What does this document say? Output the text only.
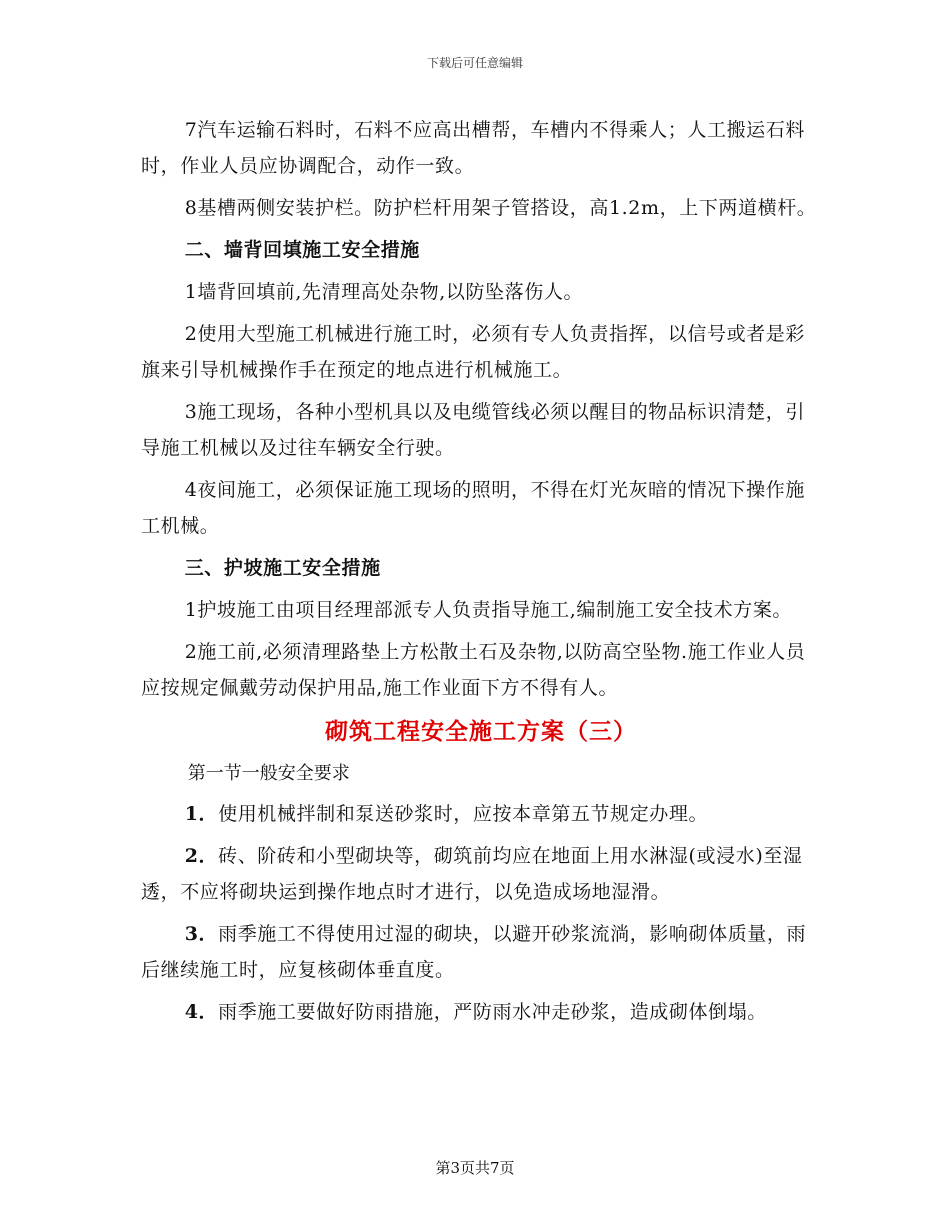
下载后可任意编辑

7汽车运输石料时，石料不应高出槽帮，车槽内不得乘人；人工搬运石料时，作业人员应协调配合，动作一致。

8基槽两侧安装护栏。防护栏杆用架子管搭设，高1.2m，上下两道横杆。

二、墙背回填施工安全措施

1墙背回填前,先清理高处杂物,以防坠落伤人。

2使用大型施工机械进行施工时，必须有专人负责指挥，以信号或者是彩旗来引导机械操作手在预定的地点进行机械施工。

3施工现场，各种小型机具以及电缆管线必须以醒目的物品标识清楚，引导施工机械以及过往车辆安全行驶。

4夜间施工，必须保证施工现场的照明，不得在灯光灰暗的情况下操作施工机械。

三、护坡施工安全措施

1护坡施工由项目经理部派专人负责指导施工,编制施工安全技术方案。

2施工前,必须清理路垫上方松散土石及杂物,以防高空坠物.施工作业人员应按规定佩戴劳动保护用品,施工作业面下方不得有人。

砌筑工程安全施工方案（三）

第一节一般安全要求

1．使用机械拌制和泵送砂浆时，应按本章第五节规定办理。

2．砖、阶砖和小型砌块等，砌筑前均应在地面上用水淋湿(或浸水)至湿透，不应将砌块运到操作地点时才进行，以免造成场地湿滑。

3．雨季施工不得使用过湿的砌块，以避开砂浆流淌，影响砌体质量，雨后继续施工时，应复核砌体垂直度。

4．雨季施工要做好防雨措施，严防雨水冲走砂浆，造成砌体倒塌。

第3页共7页
